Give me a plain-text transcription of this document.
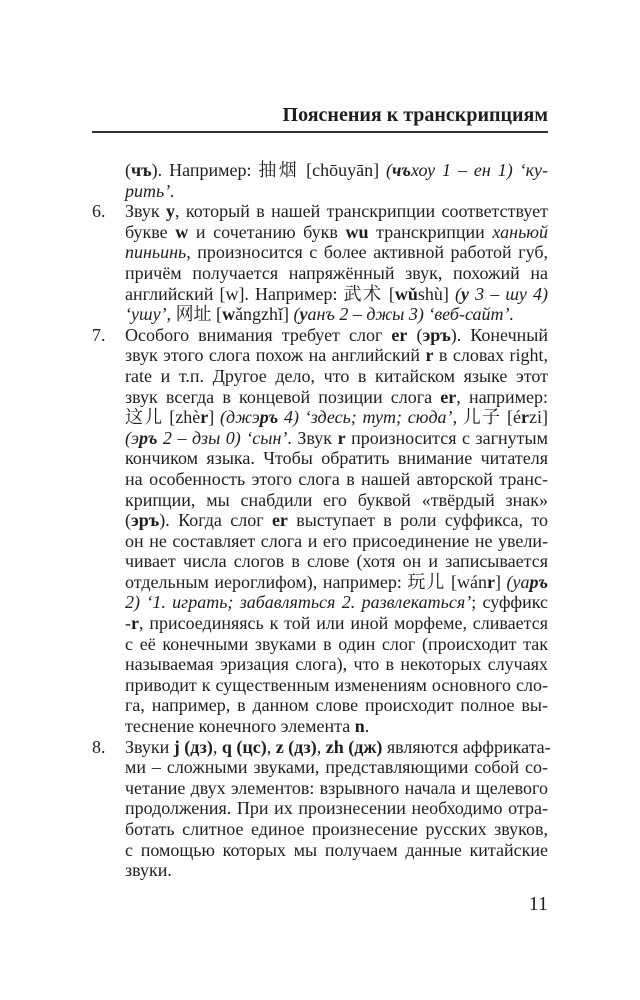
Пояснения к транскрипциям
(чъ). Например: 抽烟 [chōuyān] (чъхоу 1 – ен 1) ‘ку-
рить’.
6. Звук y, который в нашей транскрипции соответствует
букве w и сочетанию букв wu транскрипции ханьюй
пиньинь, произносится с более активной работой губ,
причём получается напряжённый звук, похожий на
английский [w]. Например: 武术 [wǔshù] (у 3 – шу 4)
‘ушу’, 网址 [wǎngzhǐ] (уанъ 2 – джы 3) ‘веб-сайт’.
7. Особого внимания требует слог er (эръ). Конечный
звук этого слога похож на английский r в словах right,
rate и т.п. Другое дело, что в китайском языке этот
звук всегда в концевой позиции слога er, например:
这儿 [zhèr] (джэръ 4) ‘здесь; тут; сюда’, 儿子 [érzi]
(эръ 2 – дзы 0) ‘сын’. Звук r произносится с загнутым
кончиком языка. Чтобы обратить внимание читателя
на особенность этого слога в нашей авторской транс-
крипции, мы снабдили его буквой «твёрдый знак»
(эръ). Когда слог er выступает в роли суффикса, то
он не составляет слога и его присоединение не увели-
чивает числа слогов в слове (хотя он и записывается
отдельным иероглифом), например: 玩儿 [wánr] (уаръ
2) ‘1. играть; забавляться 2. развлекаться’; суффикс
-r, присоединяясь к той или иной морфеме, сливается
с её конечными звуками в один слог (происходит так
называемая эризация слога), что в некоторых случаях
приводит к существенным изменениям основного сло-
га, например, в данном слове происходит полное вы-
теснение конечного элемента n.
8. Звуки j (дз), q (цс), z (дз), zh (дж) являются аффриката-
ми – сложными звуками, представляющими собой со-
четание двух элементов: взрывного начала и щелевого
продолжения. При их произнесении необходимо отра-
ботать слитное единое произнесение русских звуков,
с помощью которых мы получаем данные китайские
звуки.
11
